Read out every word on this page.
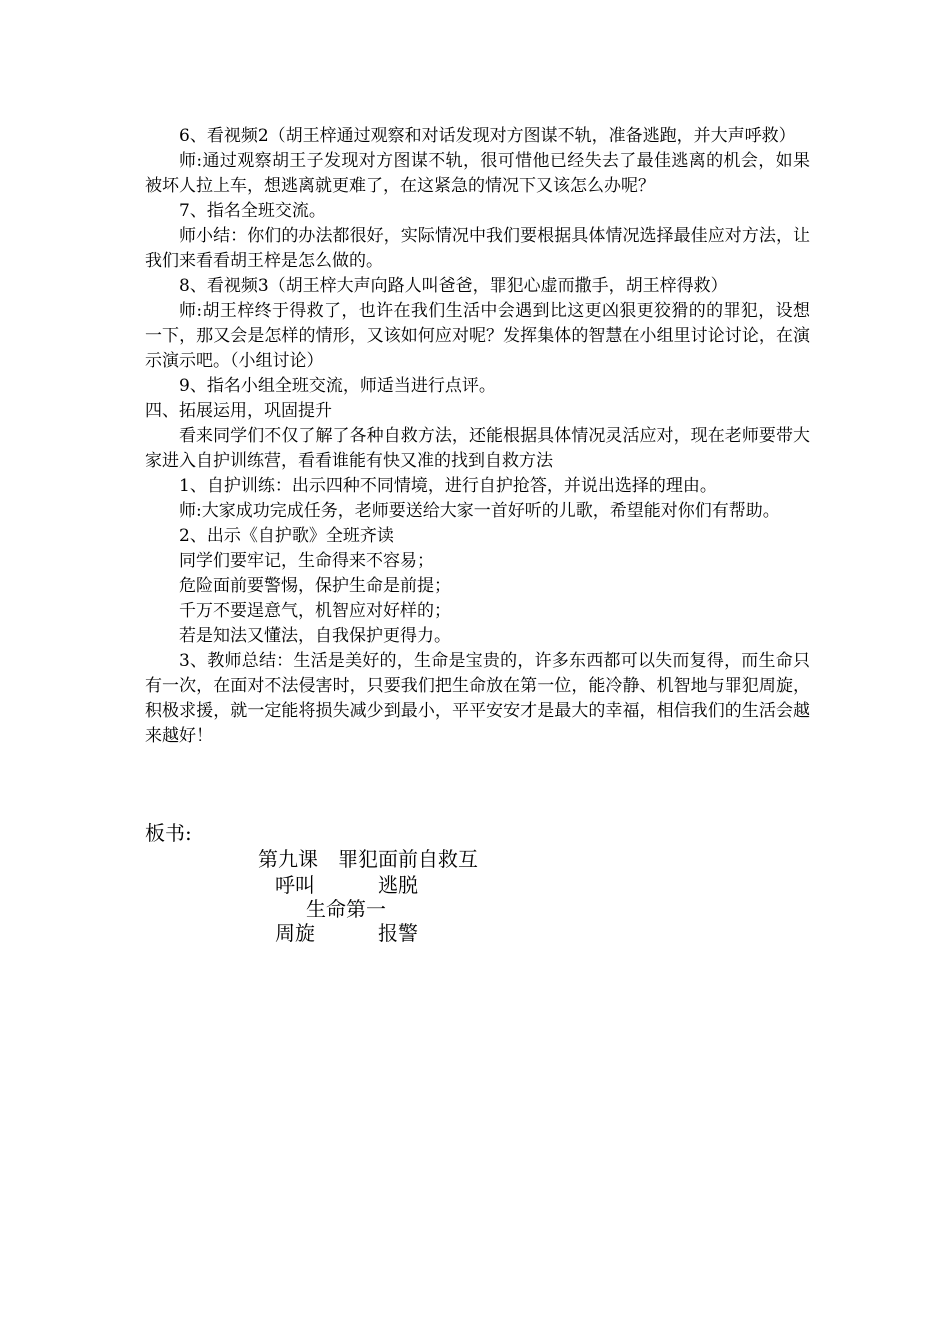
6、看视频2（胡王梓通过观察和对话发现对方图谋不轨，准备逃跑，并大声呼救）

师:通过观察胡王子发现对方图谋不轨，很可惜他已经失去了最佳逃离的机会，如果被坏人拉上车，想逃离就更难了，在这紧急的情况下又该怎么办呢？

7、指名全班交流。

师小结：你们的办法都很好，实际情况中我们要根据具体情况选择最佳应对方法，让我们来看看胡王梓是怎么做的。

8、看视频3（胡王梓大声向路人叫爸爸，罪犯心虚而撒手，胡王梓得救）

师:胡王梓终于得救了，也许在我们生活中会遇到比这更凶狠更狡猾的的罪犯，设想一下，那又会是怎样的情形，又该如何应对呢？发挥集体的智慧在小组里讨论讨论，在演示演示吧。（小组讨论）

9、指名小组全班交流，师适当进行点评。

四、拓展运用，巩固提升

看来同学们不仅了解了各种自救方法，还能根据具体情况灵活应对，现在老师要带大家进入自护训练营，看看谁能有快又准的找到自救方法

1、自护训练：出示四种不同情境，进行自护抢答，并说出选择的理由。

师:大家成功完成任务，老师要送给大家一首好听的儿歌，希望能对你们有帮助。

2、出示《自护歌》全班齐读

同学们要牢记，生命得来不容易；

危险面前要警惕，保护生命是前提；

千万不要逞意气，机智应对好样的；

若是知法又懂法，自我保护更得力。

3、教师总结：生活是美好的，生命是宝贵的，许多东西都可以失而复得，而生命只有一次，在面对不法侵害时，只要我们把生命放在第一位，能冷静、机智地与罪犯周旋，积极求援，就一定能将损失减少到最小，平平安安才是最大的幸福，相信我们的生活会越来越好！

板书:
第九课　罪犯面前自救互
呼叫	逃脱
生命第一
周旋	报警
